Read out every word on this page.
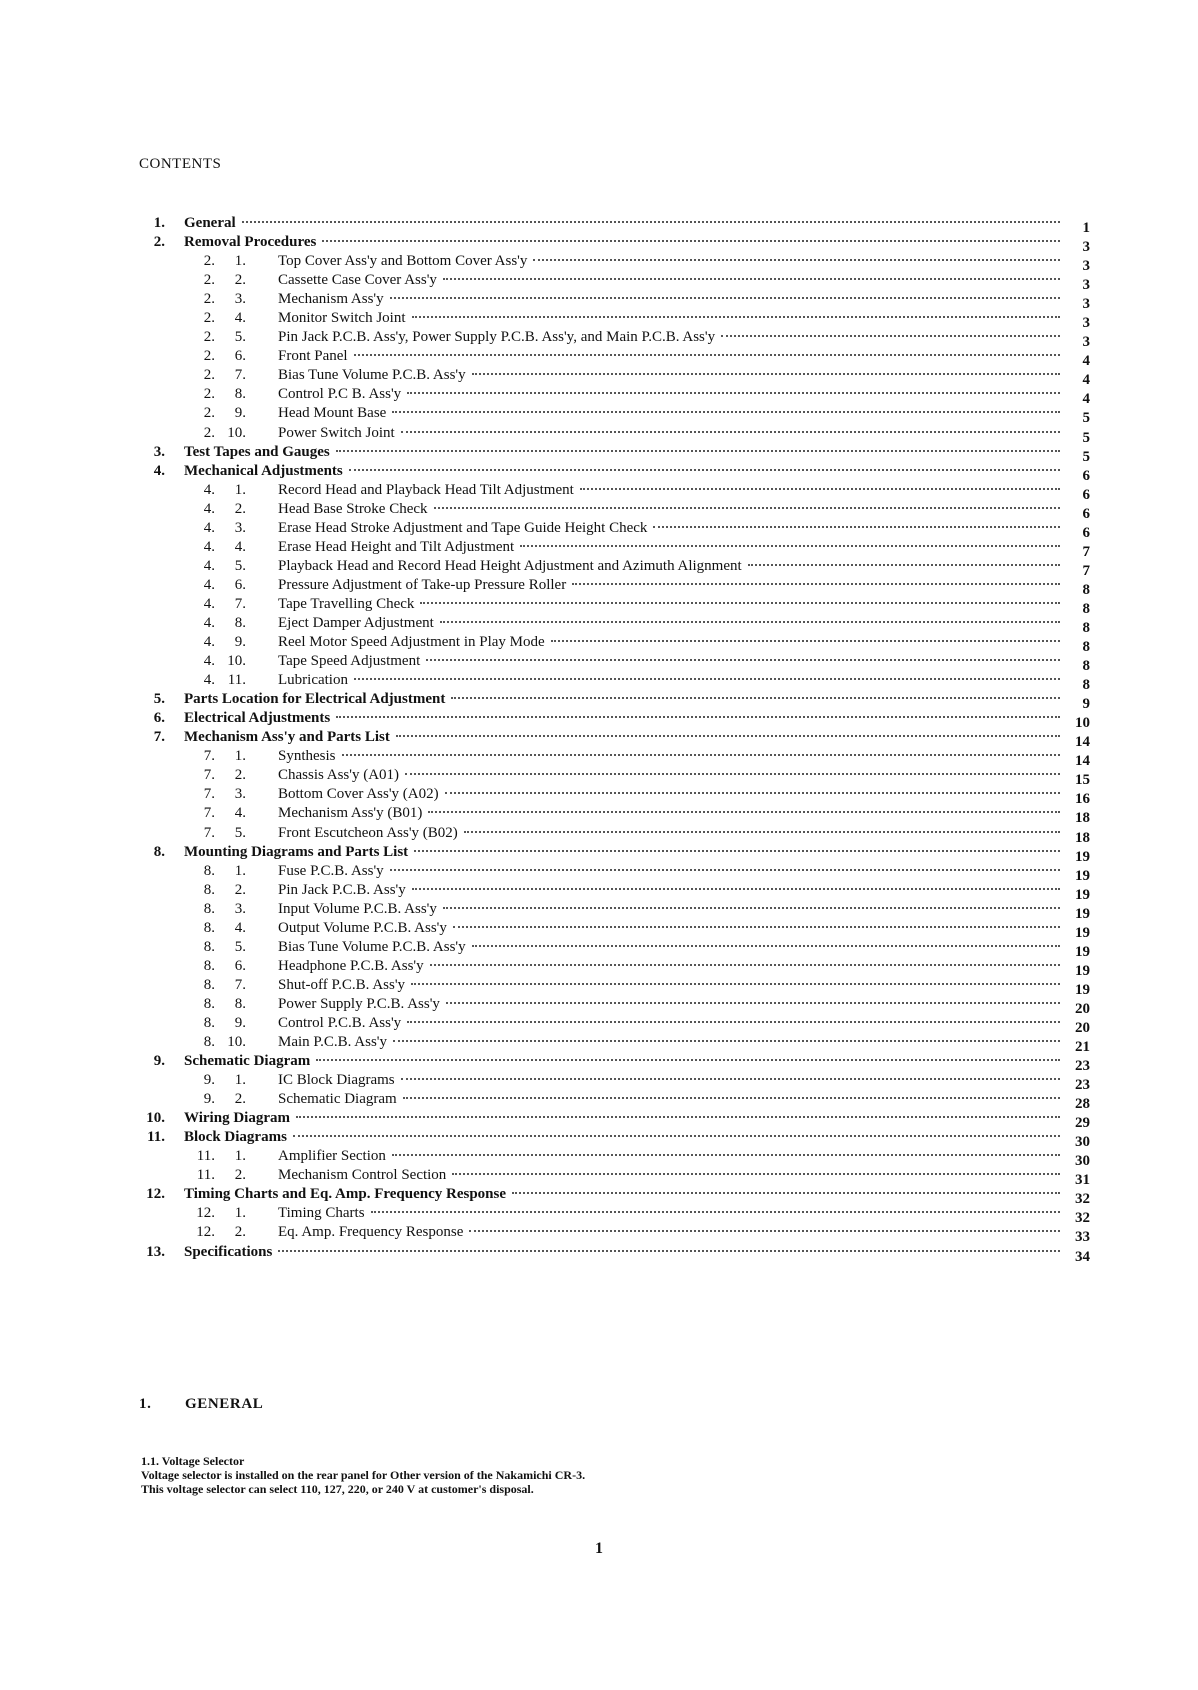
CONTENTS
1. General	1
2. Removal Procedures	3
2.	1. Top Cover Ass'y and Bottom Cover Ass'y	3
2.	2. Cassette Case Cover Ass'y	3
2.	3. Mechanism Ass'y	3
2.	4. Monitor Switch Joint	3
2.	5. Pin Jack P.C.B. Ass'y, Power Supply P.C.B. Ass'y, and Main P.C.B. Ass'y	3
2.	6. Front Panel	4
2.	7. Bias Tune Volume P.C.B. Ass'y	4
2.	8. Control P.C B. Ass'y	4
2.	9. Head Mount Base	5
2. 10. Power Switch Joint	5
3. Test Tapes and Gauges	5
4. Mechanical Adjustments	6
4.	1. Record Head and Playback Head Tilt Adjustment	6
4.	2. Head Base Stroke Check	6
4.	3. Erase Head Stroke Adjustment and Tape Guide Height Check	6
4.	4. Erase Head Height and Tilt Adjustment	7
4.	5. Playback Head and Record Head Height Adjustment and Azimuth Alignment	7
4.	6. Pressure Adjustment of Take-up Pressure Roller	8
4.	7. Tape Travelling Check	8
4.	8. Eject Damper Adjustment	8
4.	9. Reel Motor Speed Adjustment in Play Mode	8
4. 10. Tape Speed Adjustment	8
4. 11. Lubrication	8
5. Parts Location for Electrical Adjustment	9
6. Electrical Adjustments	10
7. Mechanism Ass'y and Parts List	14
7.	1. Synthesis	14
7.	2. Chassis Ass'y (A01)	15
7.	3. Bottom Cover Ass'y (A02)	16
7.	4. Mechanism Ass'y (B01)	18
7.	5. Front Escutcheon Ass'y (B02)	18
8. Mounting Diagrams and Parts List	19
8.	1. Fuse P.C.B. Ass'y	19
8.	2. Pin Jack P.C.B. Ass'y	19
8.	3. Input Volume P.C.B. Ass'y	19
8.	4. Output Volume P.C.B. Ass'y	19
8.	5. Bias Tune Volume P.C.B. Ass'y	19
8.	6. Headphone P.C.B. Ass'y	19
8.	7. Shut-off P.C.B. Ass'y	19
8.	8. Power Supply P.C.B. Ass'y	20
8.	9. Control P.C.B. Ass'y	20
8. 10. Main P.C.B. Ass'y	21
9. Schematic Diagram	23
9.	1. IC Block Diagrams	23
9.	2. Schematic Diagram	28
10. Wiring Diagram	29
11. Block Diagrams	30
11.	1. Amplifier Section	30
11.	2. Mechanism Control Section	31
12. Timing Charts and Eq. Amp. Frequency Response	32
12.	1. Timing Charts	32
12.	2. Eq. Amp. Frequency Response	33
13. Specifications	34
1. GENERAL
1.1. Voltage Selector
Voltage selector is installed on the rear panel for Other version of the Nakamichi CR-3.
This voltage selector can select 110, 127, 220, or 240 V at customer's disposal.
1
